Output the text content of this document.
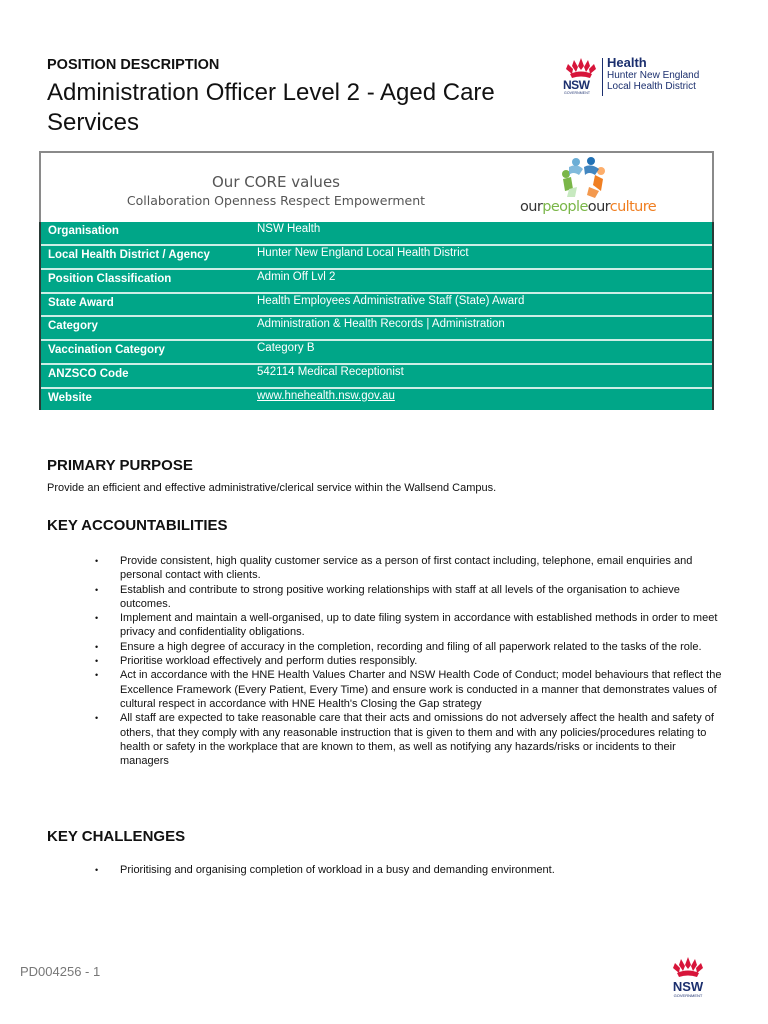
POSITION DESCRIPTION
Administration Officer Level 2 - Aged Care Services
NSW
GOVERNMENT
Health
Hunter New England
Local Health District
Our CORE values
Collaboration Openness Respect Empowerment	ourpeopleourculture
Organisation	NSW Health
Local Health District / Agency	Hunter New England Local Health District
Position Classification	Admin Off Lvl 2
State Award	Health Employees Administrative Staff (State) Award
Category	Administration & Health Records | Administration
Vaccination Category	Category B
ANZSCO Code	542114 Medical Receptionist
Website	www.hnehealth.nsw.gov.au
PRIMARY PURPOSE

Provide an efficient and effective administrative/clerical service within the Wallsend Campus.

KEY ACCOUNTABILITIES
• Provide consistent, high quality customer service as a person of first contact including, telephone, email enquiries and personal contact with clients.
• Establish and contribute to strong positive working relationships with staff at all levels of the organisation to achieve outcomes.
• Implement and maintain a well-organised, up to date filing system in accordance with established methods in order to meet privacy and confidentiality obligations.
• Ensure a high degree of accuracy in the completion, recording and filing of all paperwork related to the tasks of the role.
• Prioritise workload effectively and perform duties responsibly.
• Act in accordance with the HNE Health Values Charter and NSW Health Code of Conduct; model behaviours that reflect the Excellence Framework (Every Patient, Every Time) and ensure work is conducted in a manner that demonstrates values of cultural respect in accordance with HNE Health's Closing the Gap strategy
• All staff are expected to take reasonable care that their acts and omissions do not adversely affect the health and safety of others, that they comply with any reasonable instruction that is given to them and with any policies/procedures relating to health or safety in the workplace that are known to them, as well as notifying any hazards/risks or incidents to their managers
KEY CHALLENGES
• Prioritising and organising completion of workload in a busy and demanding environment.
PD004256 - 1
NSW
GOVERNMENT
